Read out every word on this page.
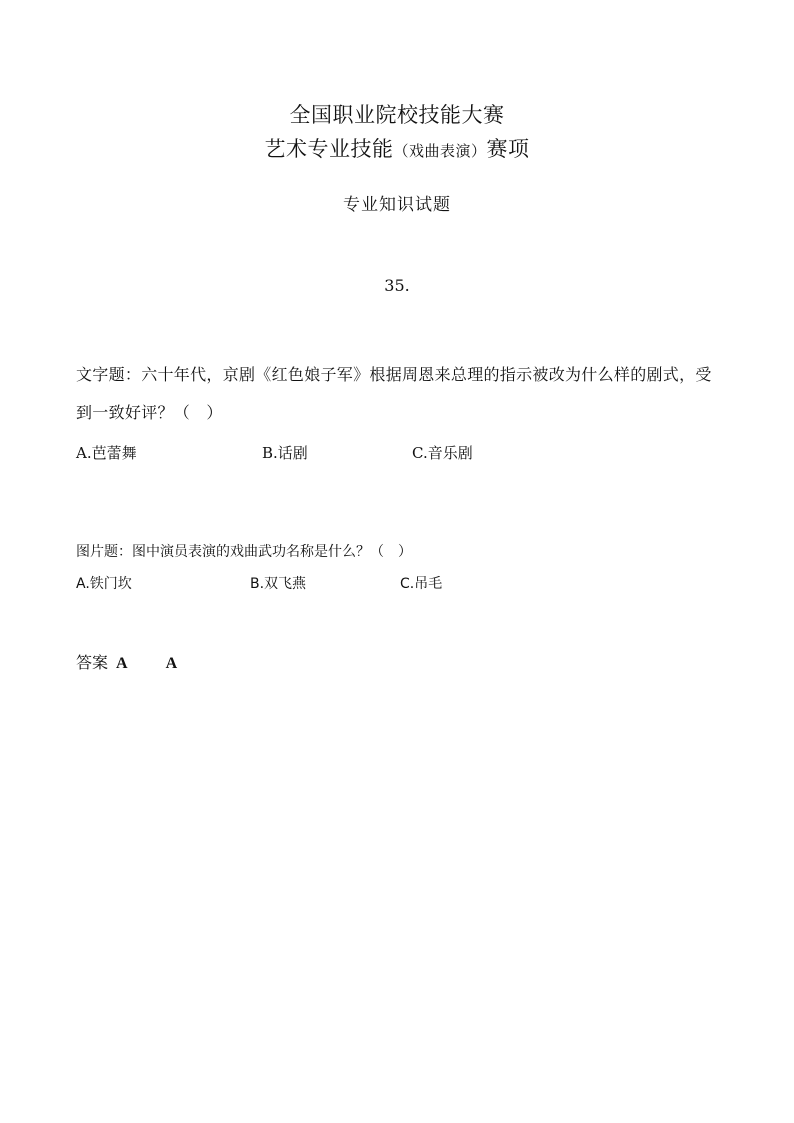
全国职业院校技能大赛
艺术专业技能（戏曲表演）赛项
专业知识试题
35.
文字题：六十年代，京剧《红色娘子军》根据周恩来总理的指示被改为什么样的剧式，受到一致好评？（　）
A.芭蕾舞	B.话剧	C.音乐剧
图片题：图中演员表演的戏曲武功名称是什么？（　）
A.铁门坎	B.双飞燕	C.吊毛
答案 A A
